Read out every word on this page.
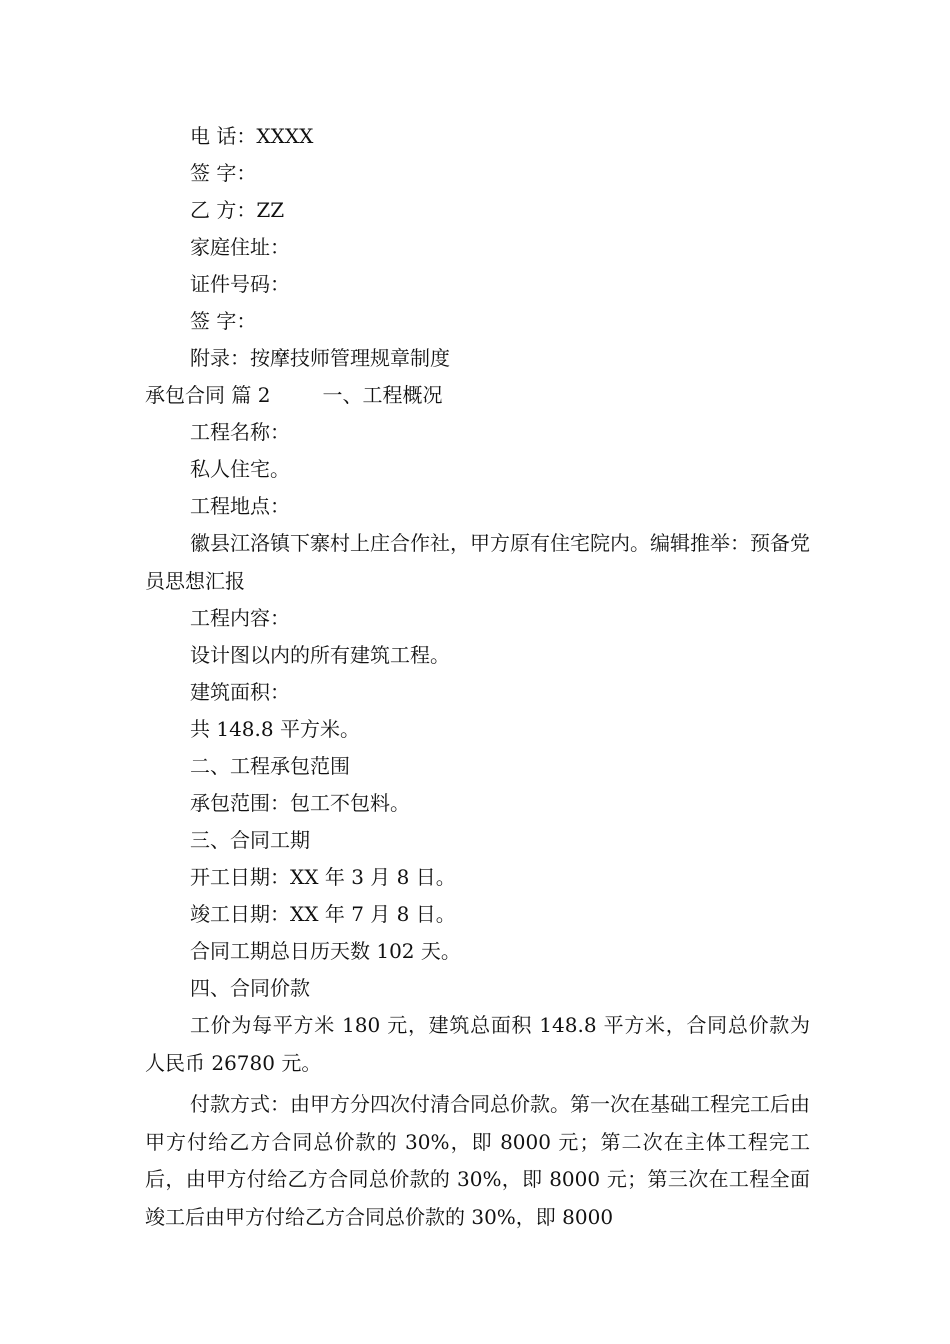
电 话：XXXX
签 字：
乙 方：ZZ
家庭住址：
证件号码：
签 字：
附录：按摩技师管理规章制度
承包合同 篇 2	一、工程概况
工程名称：
私人住宅。
工程地点：
徽县江洛镇下寨村上庄合作社，甲方原有住宅院内。编辑推举：预备党员思想汇报
工程内容：
设计图以内的所有建筑工程。
建筑面积：
共 148.8 平方米。
二、工程承包范围
承包范围：包工不包料。
三、合同工期
开工日期：XX 年 3 月 8 日。
竣工日期：XX 年 7 月 8 日。
合同工期总日历天数 102 天。
四、合同价款
工价为每平方米 180 元，建筑总面积 148.8 平方米，合同总价款为人民币 26780 元。
付款方式：由甲方分四次付清合同总价款。第一次在基础工程完工后由甲方付给乙方合同总价款的 30%，即 8000 元；第二次在主体工程完工后，由甲方付给乙方合同总价款的 30%，即 8000 元；第三次在工程全面竣工后由甲方付给乙方合同总价款的 30%，即 8000
